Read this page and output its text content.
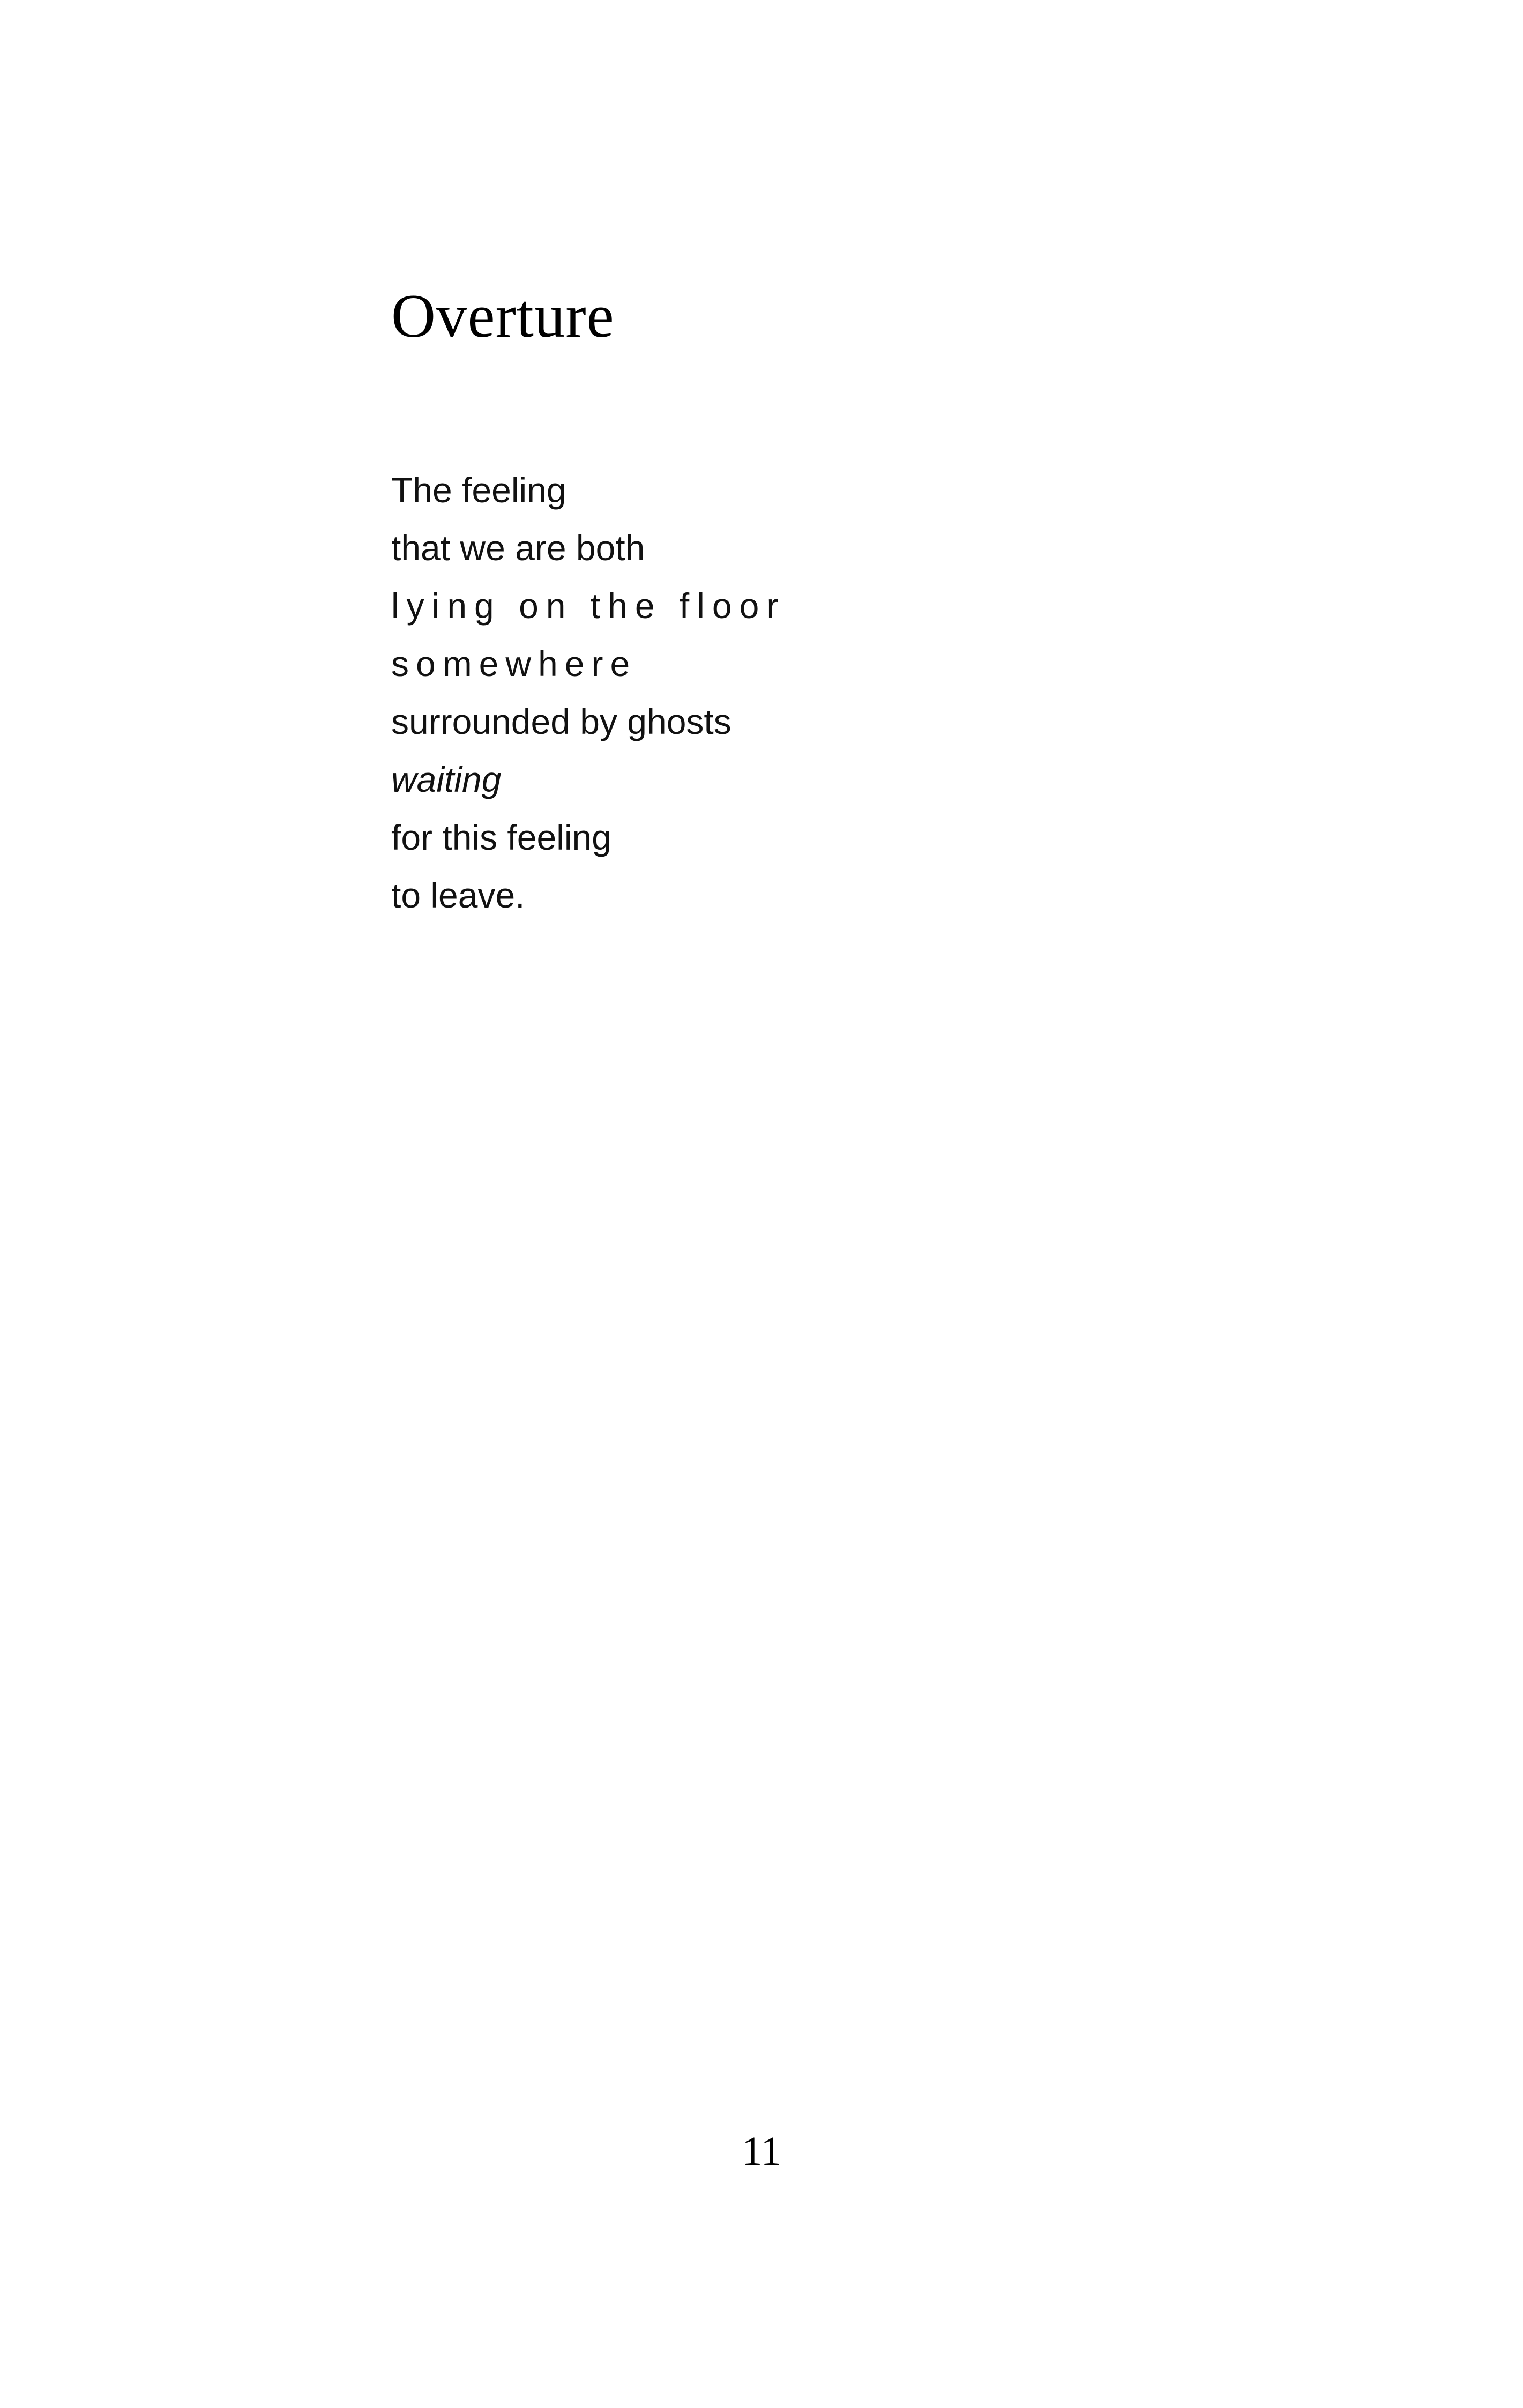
Overture
The feeling
that we are both
lying on the floor
somewhere
surrounded by ghosts
waiting
for this feeling
to leave.
11
